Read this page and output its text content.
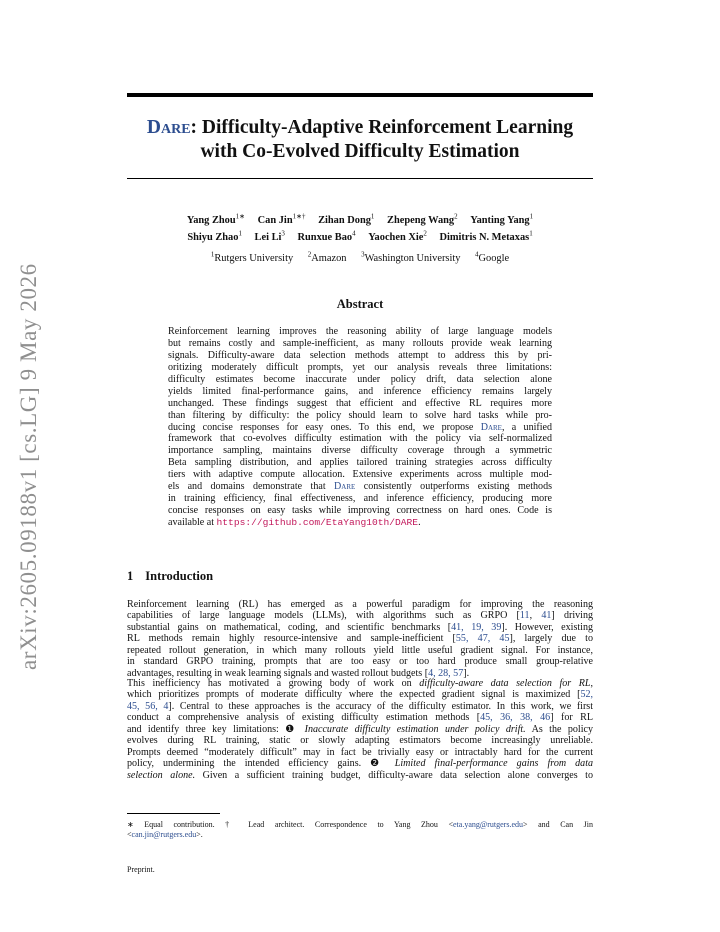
arXiv:2605.09188v1 [cs.LG] 9 May 2026
Dare: Difficulty-Adaptive Reinforcement Learning
with Co-Evolved Difficulty Estimation
Yang Zhou$^{1∗}$ Can Jin$^{1∗\dagger}$ Zihan Dong$^1$ Zhepeng Wang$^2$ Yanting Yang$^1$
Shiyu Zhao$^1$ Lei Li$^3$ Runxue Bao$^4$ Yaochen Xie$^2$ Dimitris N. Metaxas$^1$
$^1$Rutgers University $^2$Amazon $^3$Washington University $^4$Google
Abstract
Reinforcement learning improves the reasoning ability of large language models
but remains costly and sample-inefficient, as many rollouts provide weak learning
signals. Difficulty-aware data selection methods attempt to address this by pri-
oritizing moderately difficult prompts, yet our analysis reveals three limitations:
difficulty estimates become inaccurate under policy drift, data selection alone
yields limited final-performance gains, and inference efficiency remains largely
unchanged. These findings suggest that efficient and effective RL requires more
than filtering by difficulty: the policy should learn to solve hard tasks while pro-
ducing concise responses for easy ones. To this end, we propose Dare, a unified
framework that co-evolves difficulty estimation with the policy via self-normalized
importance sampling, maintains diverse difficulty coverage through a symmetric
Beta sampling distribution, and applies tailored training strategies across difficulty
tiers with adaptive compute allocation. Extensive experiments across multiple mod-
els and domains demonstrate that Dare consistently outperforms existing methods
in training efficiency, final effectiveness, and inference efficiency, producing more
concise responses on easy tasks while improving correctness on hard ones. Code is
available at https://github.com/EtaYang10th/DARE.
1 Introduction
Reinforcement learning (RL) has emerged as a powerful paradigm for improving the reasoning
capabilities of large language models (LLMs), with algorithms such as GRPO [11, 41] driving
substantial gains on mathematical, coding, and scientific benchmarks [41, 19, 39]. However, existing
RL methods remain highly resource-intensive and sample-inefficient [55, 47, 45], largely due to
repeated rollout generation, in which many rollouts yield little useful gradient signal. For instance,
in standard GRPO training, prompts that are too easy or too hard produce small group-relative
advantages, resulting in weak learning signals and wasted rollout budgets [4, 28, 57].
This inefficiency has motivated a growing body of work on difficulty-aware data selection for RL,
which prioritizes prompts of moderate difficulty where the expected gradient signal is maximized [52,
45, 56, 4]. Central to these approaches is the accuracy of the difficulty estimator. In this work, we first
conduct a comprehensive analysis of existing difficulty estimation methods [45, 36, 38, 46] for RL
and identify three key limitations: ❶ Inaccurate difficulty estimation under policy drift. As the policy
evolves during RL training, static or slowly adapting estimators become increasingly unreliable.
Prompts deemed “moderately difficult” may in fact be trivially easy or intractably hard for the current
policy, undermining the intended efficiency gains. ❷ Limited final-performance gains from data
selection alone. Given a sufficient training budget, difficulty-aware data selection alone converges to
∗ Equal contribution. † Lead architect. Correspondence to Yang Zhou <eta.yang@rutgers.edu> and Can Jin
<can.jin@rutgers.edu>.
Preprint.
